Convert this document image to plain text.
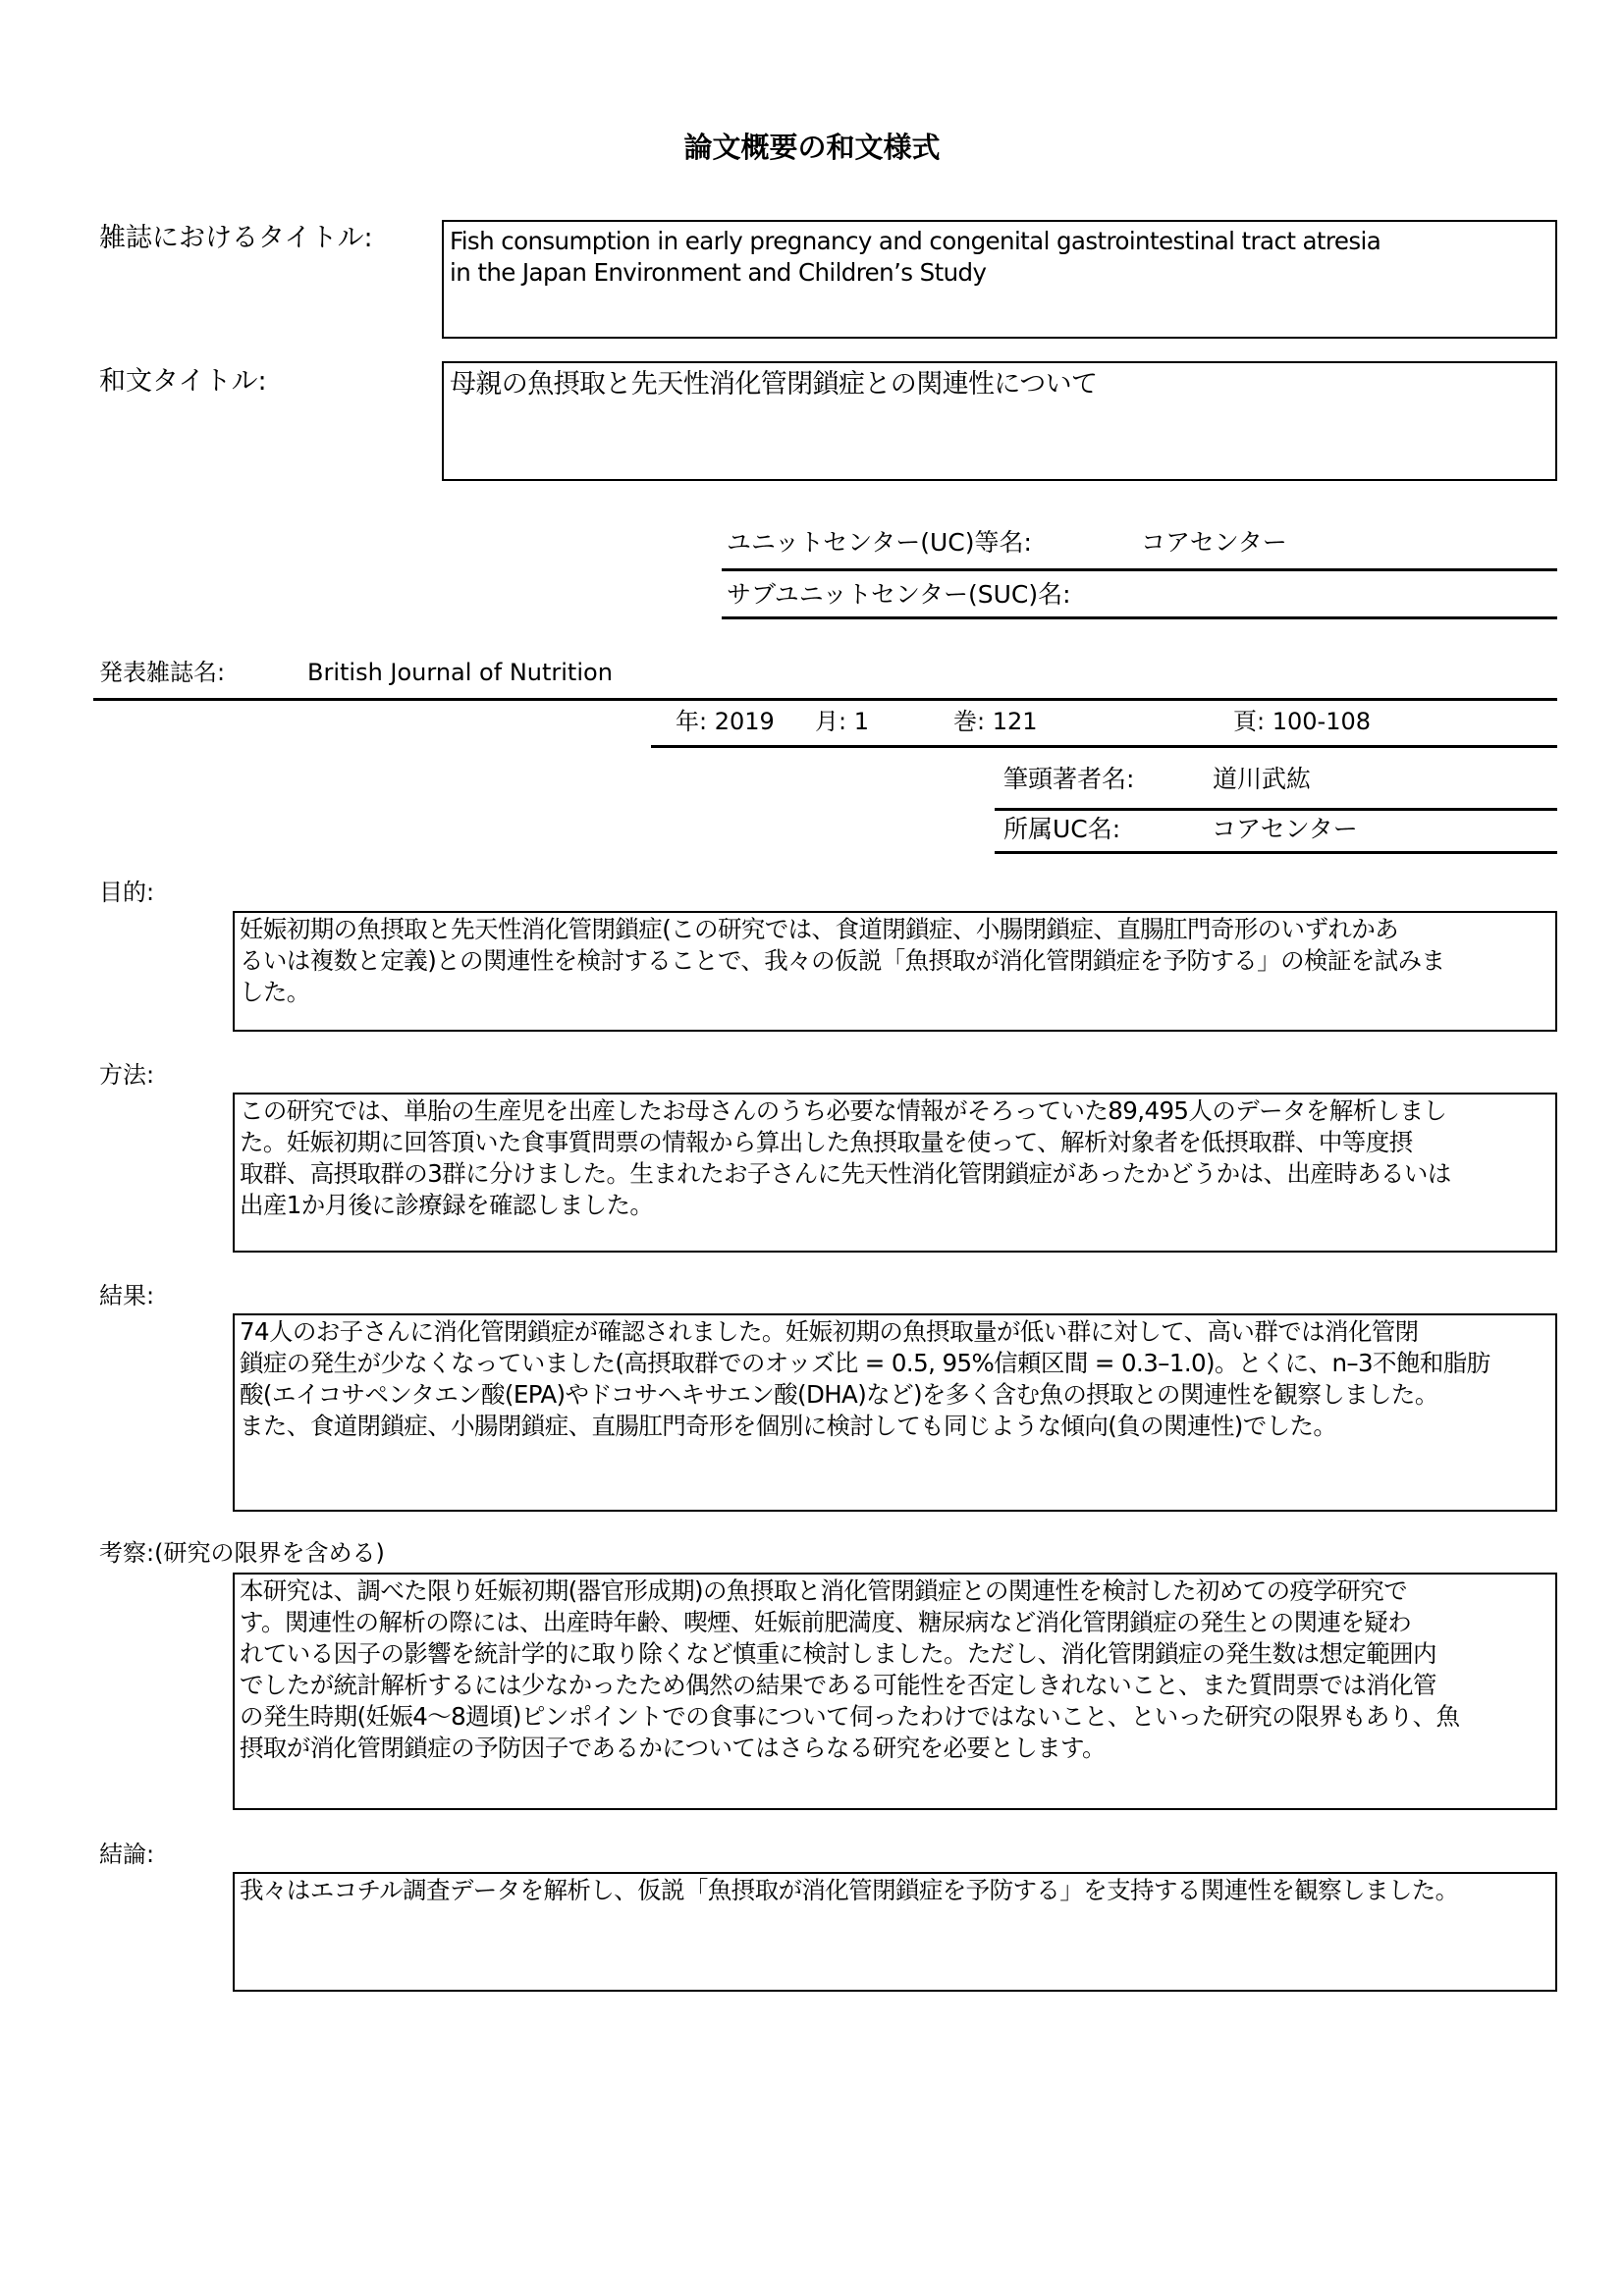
論文概要の和文様式
雑誌におけるタイトル:	Fish consumption in early pregnancy and congenital gastrointestinal tract atresia
in the Japan Environment and Children’s Study
和文タイトル:	母親の魚摂取と先天性消化管閉鎖症との関連性について
ユニットセンター(UC)等名:	コアセンター
サブユニットセンター(SUC)名:
発表雑誌名:	British Journal of Nutrition
年: 2019 月: 1	巻: 121	頁: 100-108
筆頭著者名:	道川武紘
所属UC名:	コアセンター
目的:
妊娠初期の魚摂取と先天性消化管閉鎖症(この研究では、食道閉鎖症、小腸閉鎖症、直腸肛門奇形のいずれかあ
るいは複数と定義)との関連性を検討することで、我々の仮説「魚摂取が消化管閉鎖症を予防する」の検証を試みま
した。
方法:
この研究では、単胎の生産児を出産したお母さんのうち必要な情報がそろっていた89,495人のデータを解析しまし
た。妊娠初期に回答頂いた食事質問票の情報から算出した魚摂取量を使って、解析対象者を低摂取群、中等度摂
取群、高摂取群の3群に分けました。生まれたお子さんに先天性消化管閉鎖症があったかどうかは、出産時あるいは
出産1か月後に診療録を確認しました。
結果:
74人のお子さんに消化管閉鎖症が確認されました。妊娠初期の魚摂取量が低い群に対して、高い群では消化管閉
鎖症の発生が少なくなっていました(高摂取群でのオッズ比 = 0.5, 95%信頼区間 = 0.3–1.0)。とくに、n–3不飽和脂肪
酸(エイコサペンタエン酸(EPA)やドコサヘキサエン酸(DHA)など)を多く含む魚の摂取との関連性を観察しました。
また、食道閉鎖症、小腸閉鎖症、直腸肛門奇形を個別に検討しても同じような傾向(負の関連性)でした。
考察:(研究の限界を含める)
本研究は、調べた限り妊娠初期(器官形成期)の魚摂取と消化管閉鎖症との関連性を検討した初めての疫学研究で
す。関連性の解析の際には、出産時年齢、喫煙、妊娠前肥満度、糖尿病など消化管閉鎖症の発生との関連を疑わ
れている因子の影響を統計学的に取り除くなど慎重に検討しました。ただし、消化管閉鎖症の発生数は想定範囲内
でしたが統計解析するには少なかったため偶然の結果である可能性を否定しきれないこと、また質問票では消化管
の発生時期(妊娠4～8週頃)ピンポイントでの食事について伺ったわけではないこと、といった研究の限界もあり、魚
摂取が消化管閉鎖症の予防因子であるかについてはさらなる研究を必要とします。
結論:
我々はエコチル調査データを解析し、仮説「魚摂取が消化管閉鎖症を予防する」を支持する関連性を観察しました。
